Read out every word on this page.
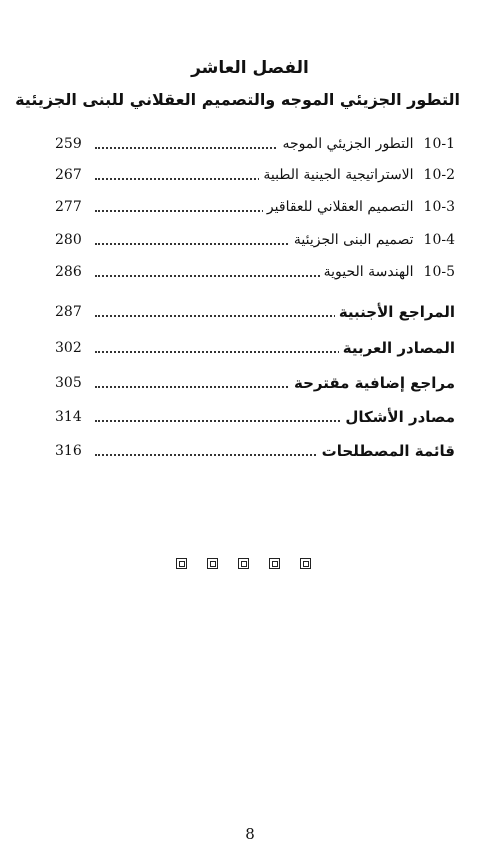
الفصل العاشر
التطور الجزيئي الموجه والتصميم العقلاني للبنى الجزيئية
259	10-1التطور الجزيئي الموجه
267	10-2الاستراتيجية الجينية الطبية
277	10-3التصميم العقلاني للعقاقير
280	10-4تصميم البنى الجزيئية
286	10-5الهندسة الحيوية
287	المراجع الأجنبية
302	المصادر العربية
305	مراجع إضافية مقترحة
314	مصادر الأشكال
316	قائمة المصطلحات
8
